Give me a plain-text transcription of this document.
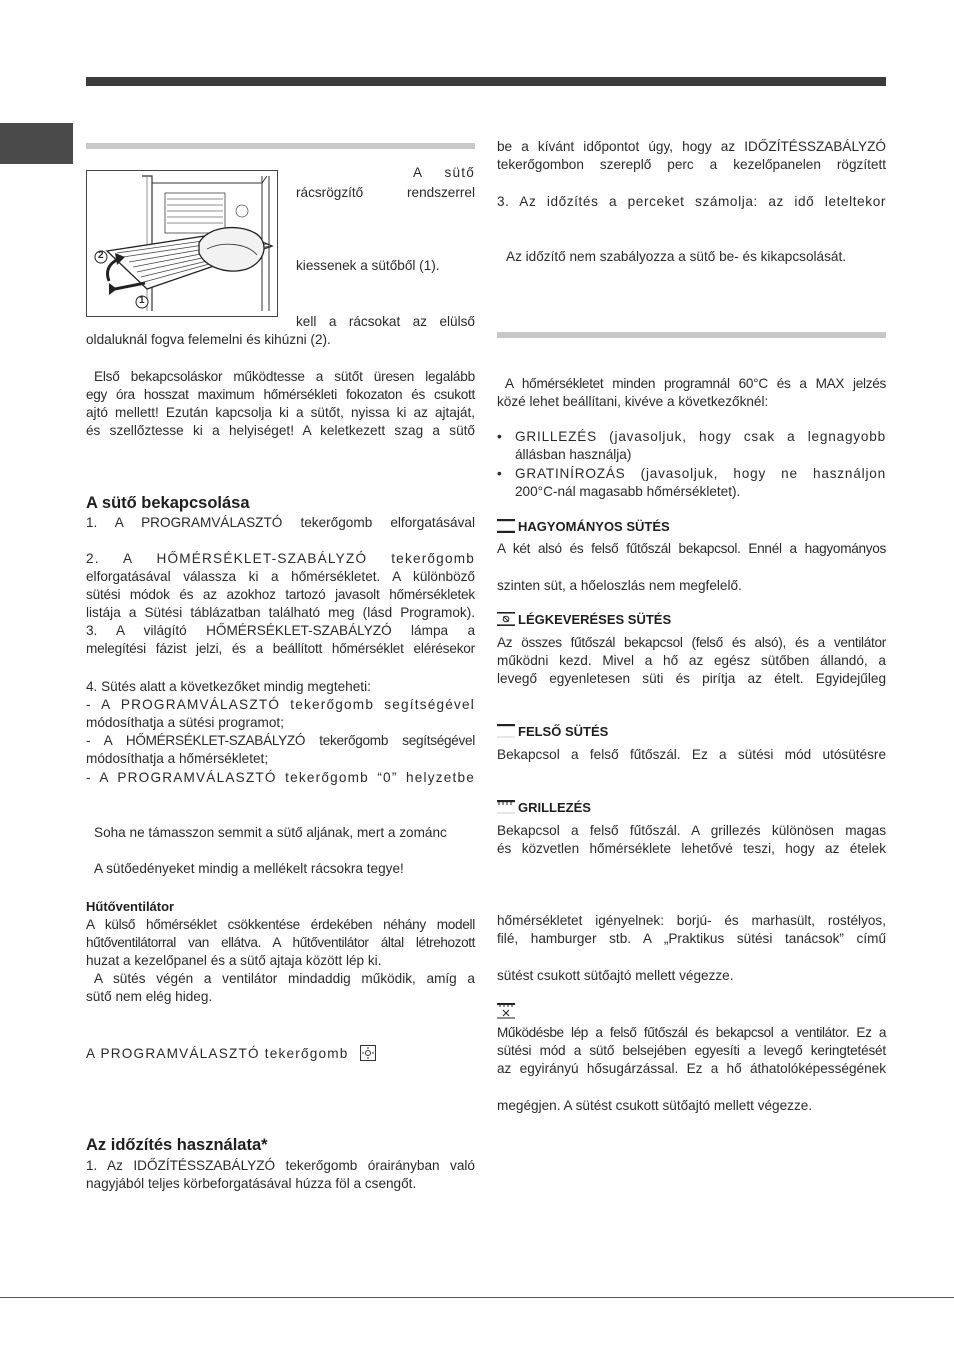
2
1
A sütő
rácsrögzítő rendszerrel
kiessenek a sütőből (1).
kell a rácsokat az elülső
oldaluknál fogva felemelni és kihúzni (2).
Első bekapcsoláskor működtesse a sütőt üresen legalább
egy óra hosszat maximum hőmérsékleti fokozaton és csukott
ajtó mellett! Ezután kapcsolja ki a sütőt, nyissa ki az ajtaját,
és szellőztesse ki a helyiséget! A keletkezett szag a sütő
A sütő bekapcsolása
1. A PROGRAMVÁLASZTÓ tekerőgomb elforgatásával
2. A HŐMÉRSÉKLET-SZABÁLYZÓ tekerőgomb
elforgatásával válassza ki a hőmérsékletet. A különböző
sütési módok és az azokhoz tartozó javasolt hőmérsékletek
listája a Sütési táblázatban található meg (lásd Programok).
3. A világító HŐMÉRSÉKLET-SZABÁLYZÓ lámpa a
melegítési fázist jelzi, és a beállított hőmérséklet elérésekor
4. Sütés alatt a következőket mindig megteheti:
- A PROGRAMVÁLASZTÓ tekerőgomb segítségével
módosíthatja a sütési programot;
- A HŐMÉRSÉKLET-SZABÁLYZÓ tekerőgomb segítségével
módosíthatja a hőmérsékletet;
- A PROGRAMVÁLASZTÓ tekerőgomb “0” helyzetbe
Soha ne támasszon semmit a sütő aljának, mert a zománc
A sütőedényeket mindig a mellékelt rácsokra tegye!
Hűtőventilátor
A külső hőmérséklet csökkentése érdekében néhány modell
hűtőventilátorral van ellátva. A hűtőventilátor által létrehozott
huzat a kezelőpanel és a sütő ajtaja között lép ki.
A sütés végén a ventilátor mindaddig működik, amíg a
sütő nem elég hideg.
A PROGRAMVÁLASZTÓ tekerőgomb
Az időzítés használata*
1. Az IDŐZÍTÉSSZABÁLYZÓ tekerőgomb órairányban való
nagyjából teljes körbeforgatásával húzza föl a csengőt.
be a kívánt időpontot úgy, hogy az IDŐZÍTÉSSZABÁLYZÓ
tekerőgombon szereplő perc a kezelőpanelen rögzített
3. Az időzítés a perceket számolja: az idő leteltekor
Az időzítő nem szabályozza a sütő be- és kikapcsolását.
A hőmérsékletet minden programnál 60°C és a MAX jelzés
közé lehet beállítani, kivéve a következőknél:
• GRILLEZÉS (javasoljuk, hogy csak a legnagyobb
állásban használja)
• GRATINÍROZÁS (javasoljuk, hogy ne használjon
200°C-nál magasabb hőmérsékletet).
HAGYOMÁNYOS SÜTÉS
A két alsó és felső fűtőszál bekapcsol. Ennél a hagyományos
szinten süt, a hőeloszlás nem megfelelő.
LÉGKEVERÉSES SÜTÉS
Az összes fűtőszál bekapcsol (felső és alsó), és a ventilátor
működni kezd. Mivel a hő az egész sütőben állandó, a
levegő egyenletesen süti és pirítja az ételt. Egyidejűleg
FELSŐ SÜTÉS
Bekapcsol a felső fűtőszál. Ez a sütési mód utósütésre
GRILLEZÉS
Bekapcsol a felső fűtőszál. A grillezés különösen magas
és közvetlen hőmérséklete lehetővé teszi, hogy az ételek
hőmérsékletet igényelnek: borjú- és marhasült, rostélyos,
filé, hamburger stb. A „Praktikus sütési tanácsok” című
sütést csukott sütőajtó mellett végezze.
Működésbe lép a felső fűtőszál és bekapcsol a ventilátor. Ez a
sütési mód a sütő belsejében egyesíti a levegő keringtetését
az egyirányú hősugárzással. Ez a hő áthatolóképességének
megégjen. A sütést csukott sütőajtó mellett végezze.
